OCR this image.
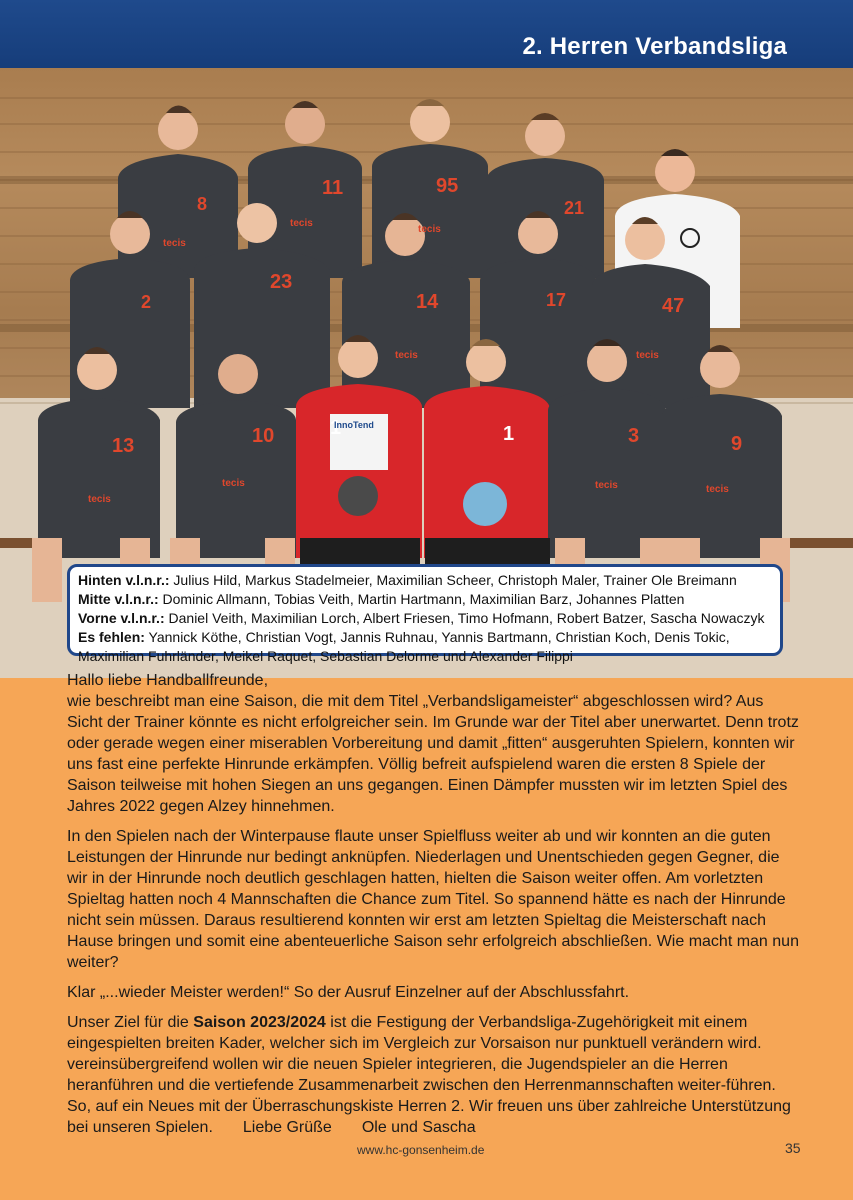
2. Herren Verbandsliga
8
11	95
21
2
23
14	17	47
13	10	1	1	3	9
tecis
tecis
tecis
tecis	tecis
tecis
tecis	tecis	tecis
InnoTend
Hinten v.l.n.r.: Julius Hild, Markus Stadelmeier, Maximilian Scheer, Christoph Maler, Trainer Ole Breimann
Mitte v.l.n.r.: Dominic Allmann, Tobias Veith, Martin Hartmann, Maximilian Barz, Johannes Platten
Vorne v.l.n.r.: Daniel Veith, Maximilian Lorch, Albert Friesen, Timo Hofmann, Robert Batzer, Sascha Nowaczyk
Es fehlen: Yannick Köthe, Christian Vogt, Jannis Ruhnau, Yannis Bartmann, Christian Koch, Denis Tokic,
Maximilian Fuhrländer, Meikel Raquet, Sebastian Delorme und Alexander Filippi

Hallo liebe Handballfreunde,

wie beschreibt man eine Saison, die mit dem Titel „Verbandsligameister“ abgeschlossen wird? Aus Sicht der Trainer könnte es nicht erfolgreicher sein. Im Grunde war der Titel aber unerwartet. Denn trotz oder gerade wegen einer miserablen Vorbereitung und damit „fitten“ ausgeruhten Spielern, konnten wir uns fast eine perfekte Hinrunde erkämpfen. Völlig befreit aufspielend waren die ersten 8 Spiele der Saison teilweise mit hohen Siegen an uns gegangen. Einen Dämpfer mussten wir im letzten Spiel des Jahres 2022 gegen Alzey hinnehmen.

In den Spielen nach der Winterpause flaute unser Spielfluss weiter ab und wir konnten an die guten Leistungen der Hinrunde nur bedingt anknüpfen. Niederlagen und Unentschieden gegen Gegner, die wir in der Hinrunde noch deutlich geschlagen hatten, hielten die Saison weiter offen. Am vorletzten Spieltag hatten noch 4 Mannschaften die Chance zum Titel. So spannend hätte es nach der Hinrunde nicht sein müssen. Daraus resultierend konnten wir erst am letzten Spieltag die Meisterschaft nach Hause bringen und somit eine abenteuerliche Saison sehr erfolgreich abschließen. Wie macht man nun weiter?

Klar „...wieder Meister werden!“ So der Ausruf Einzelner auf der Abschlussfahrt.

Unser Ziel für die Saison 2023/2024 ist die Festigung der Verbandsliga-Zugehörigkeit mit einem eingespielten breiten Kader, welcher sich im Vergleich zur Vorsaison nur punktuell verändern wird. vereinsübergreifend wollen wir die neuen Spieler integrieren, die Jugendspieler an die Herren heranführen und die vertiefende Zusammenarbeit zwischen den Herrenmannschaften weiter-führen. So, auf ein Neues mit der Überraschungskiste Herren 2. Wir freuen uns über zahlreiche Unterstützung bei unseren Spielen. Liebe Grüße Ole und Sascha

www.hc-gonsenheim.de	35
